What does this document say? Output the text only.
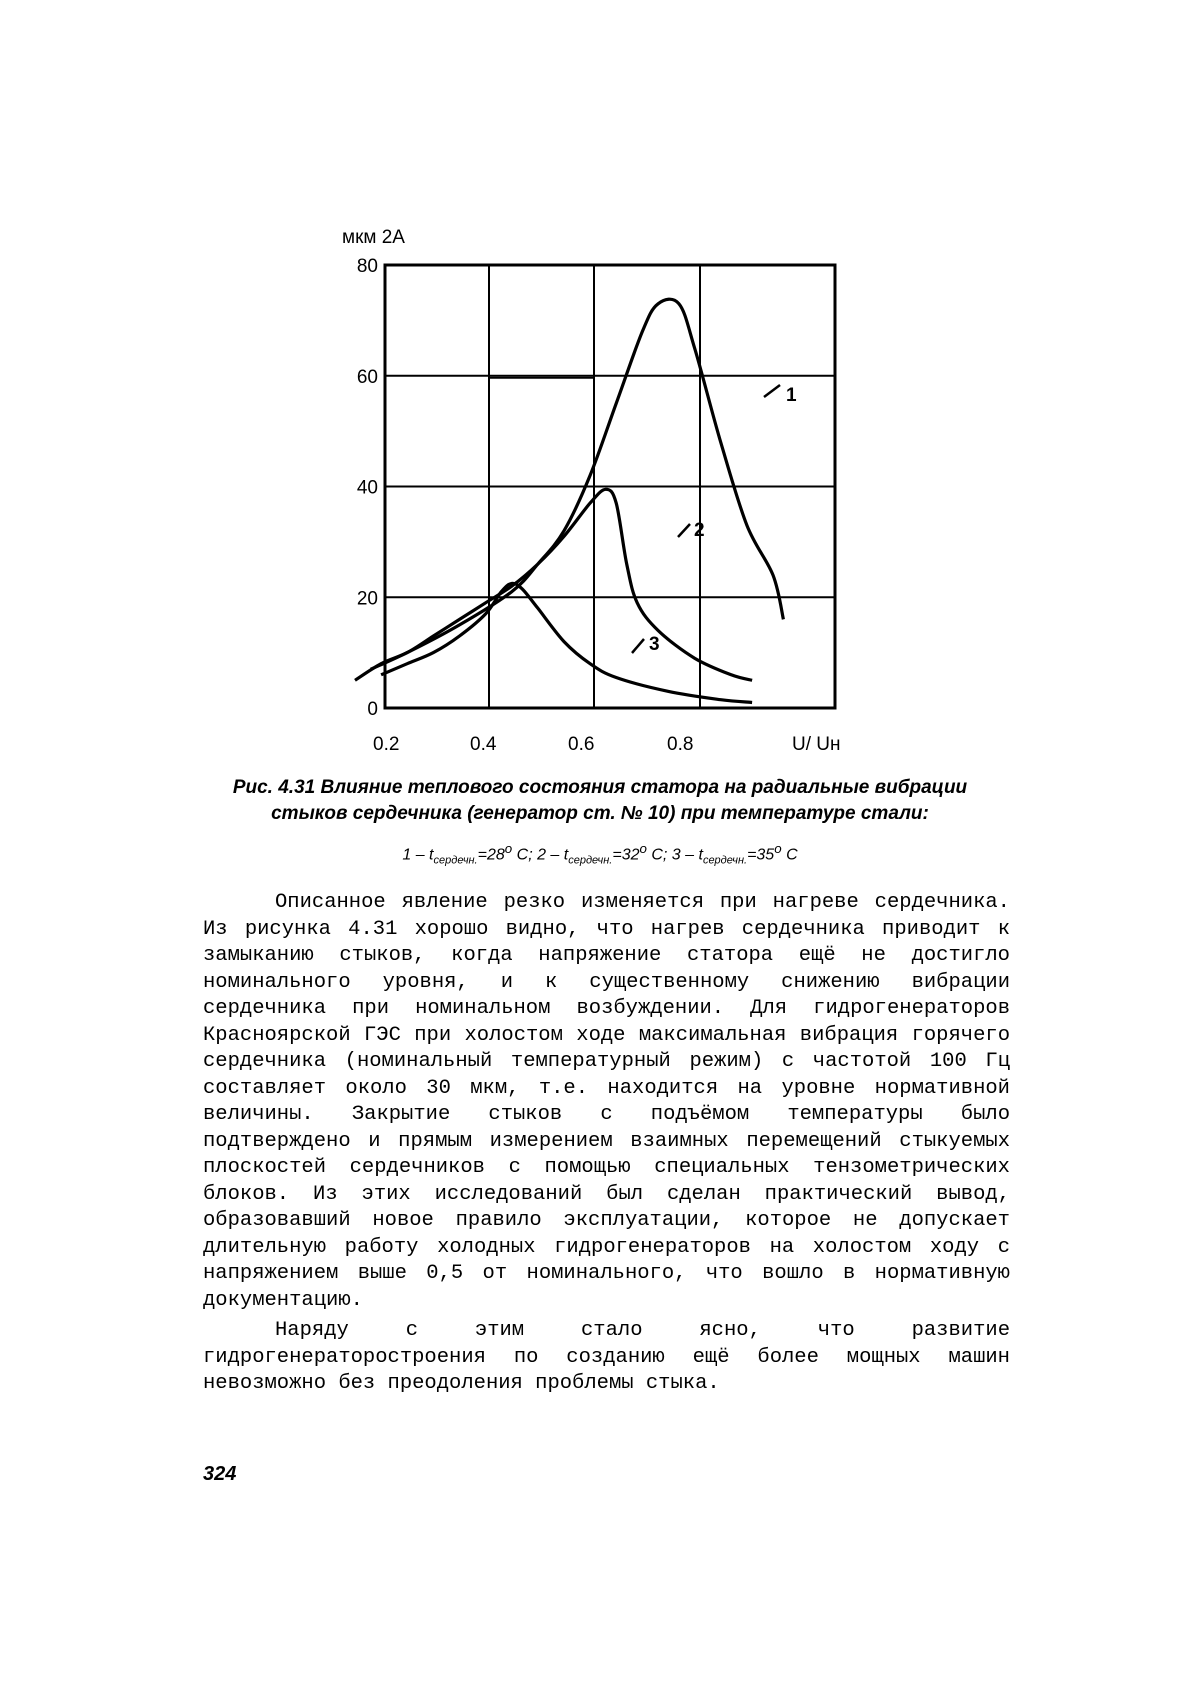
мкм 2А
0
20
40
60
80
0.2	0.4	0.6	0.8	U/ Uн
1
2
3
Рис. 4.31 Влияние теплового состояния статора на радиальные вибрации
стыков сердечника (генератор ст. № 10) при температуре стали:
$1 - t_{сердечн.}=28^o$ С; $2 - t_{сердечн.}=32^o$ С; $3 - t_{сердечн.}=35^o$ С

Описанное явление резко изменяется при нагреве сердечника. Из рисунка 4.31 хорошо видно, что нагрев сердечника приводит к замыканию стыков, когда напряжение статора ещё не достигло номинального уровня, и к существенному снижению вибрации сердечника при номинальном возбуждении. Для гидрогенераторов Красноярской ГЭС при холостом ходе максимальная вибрация горячего сердечника (номинальный температурный режим) с частотой 100 Гц составляет около 30 мкм, т.е. находится на уровне нормативной величины. Закрытие стыков с подъёмом температуры было подтверждено и прямым измерением взаимных перемещений стыкуемых плоскостей сердечников с помощью специальных тензометрических блоков. Из этих исследований был сделан практический вывод, образовавший новое правило эксплуатации, которое не допускает длительную работу холодных гидрогенераторов на холостом ходу с напряжением выше 0,5 от номинального, что вошло в нормативную документацию.

Наряду с этим стало ясно, что развитие гидрогенераторостроения по созданию ещё более мощных машин невозможно без преодоления проблемы стыка.

324
